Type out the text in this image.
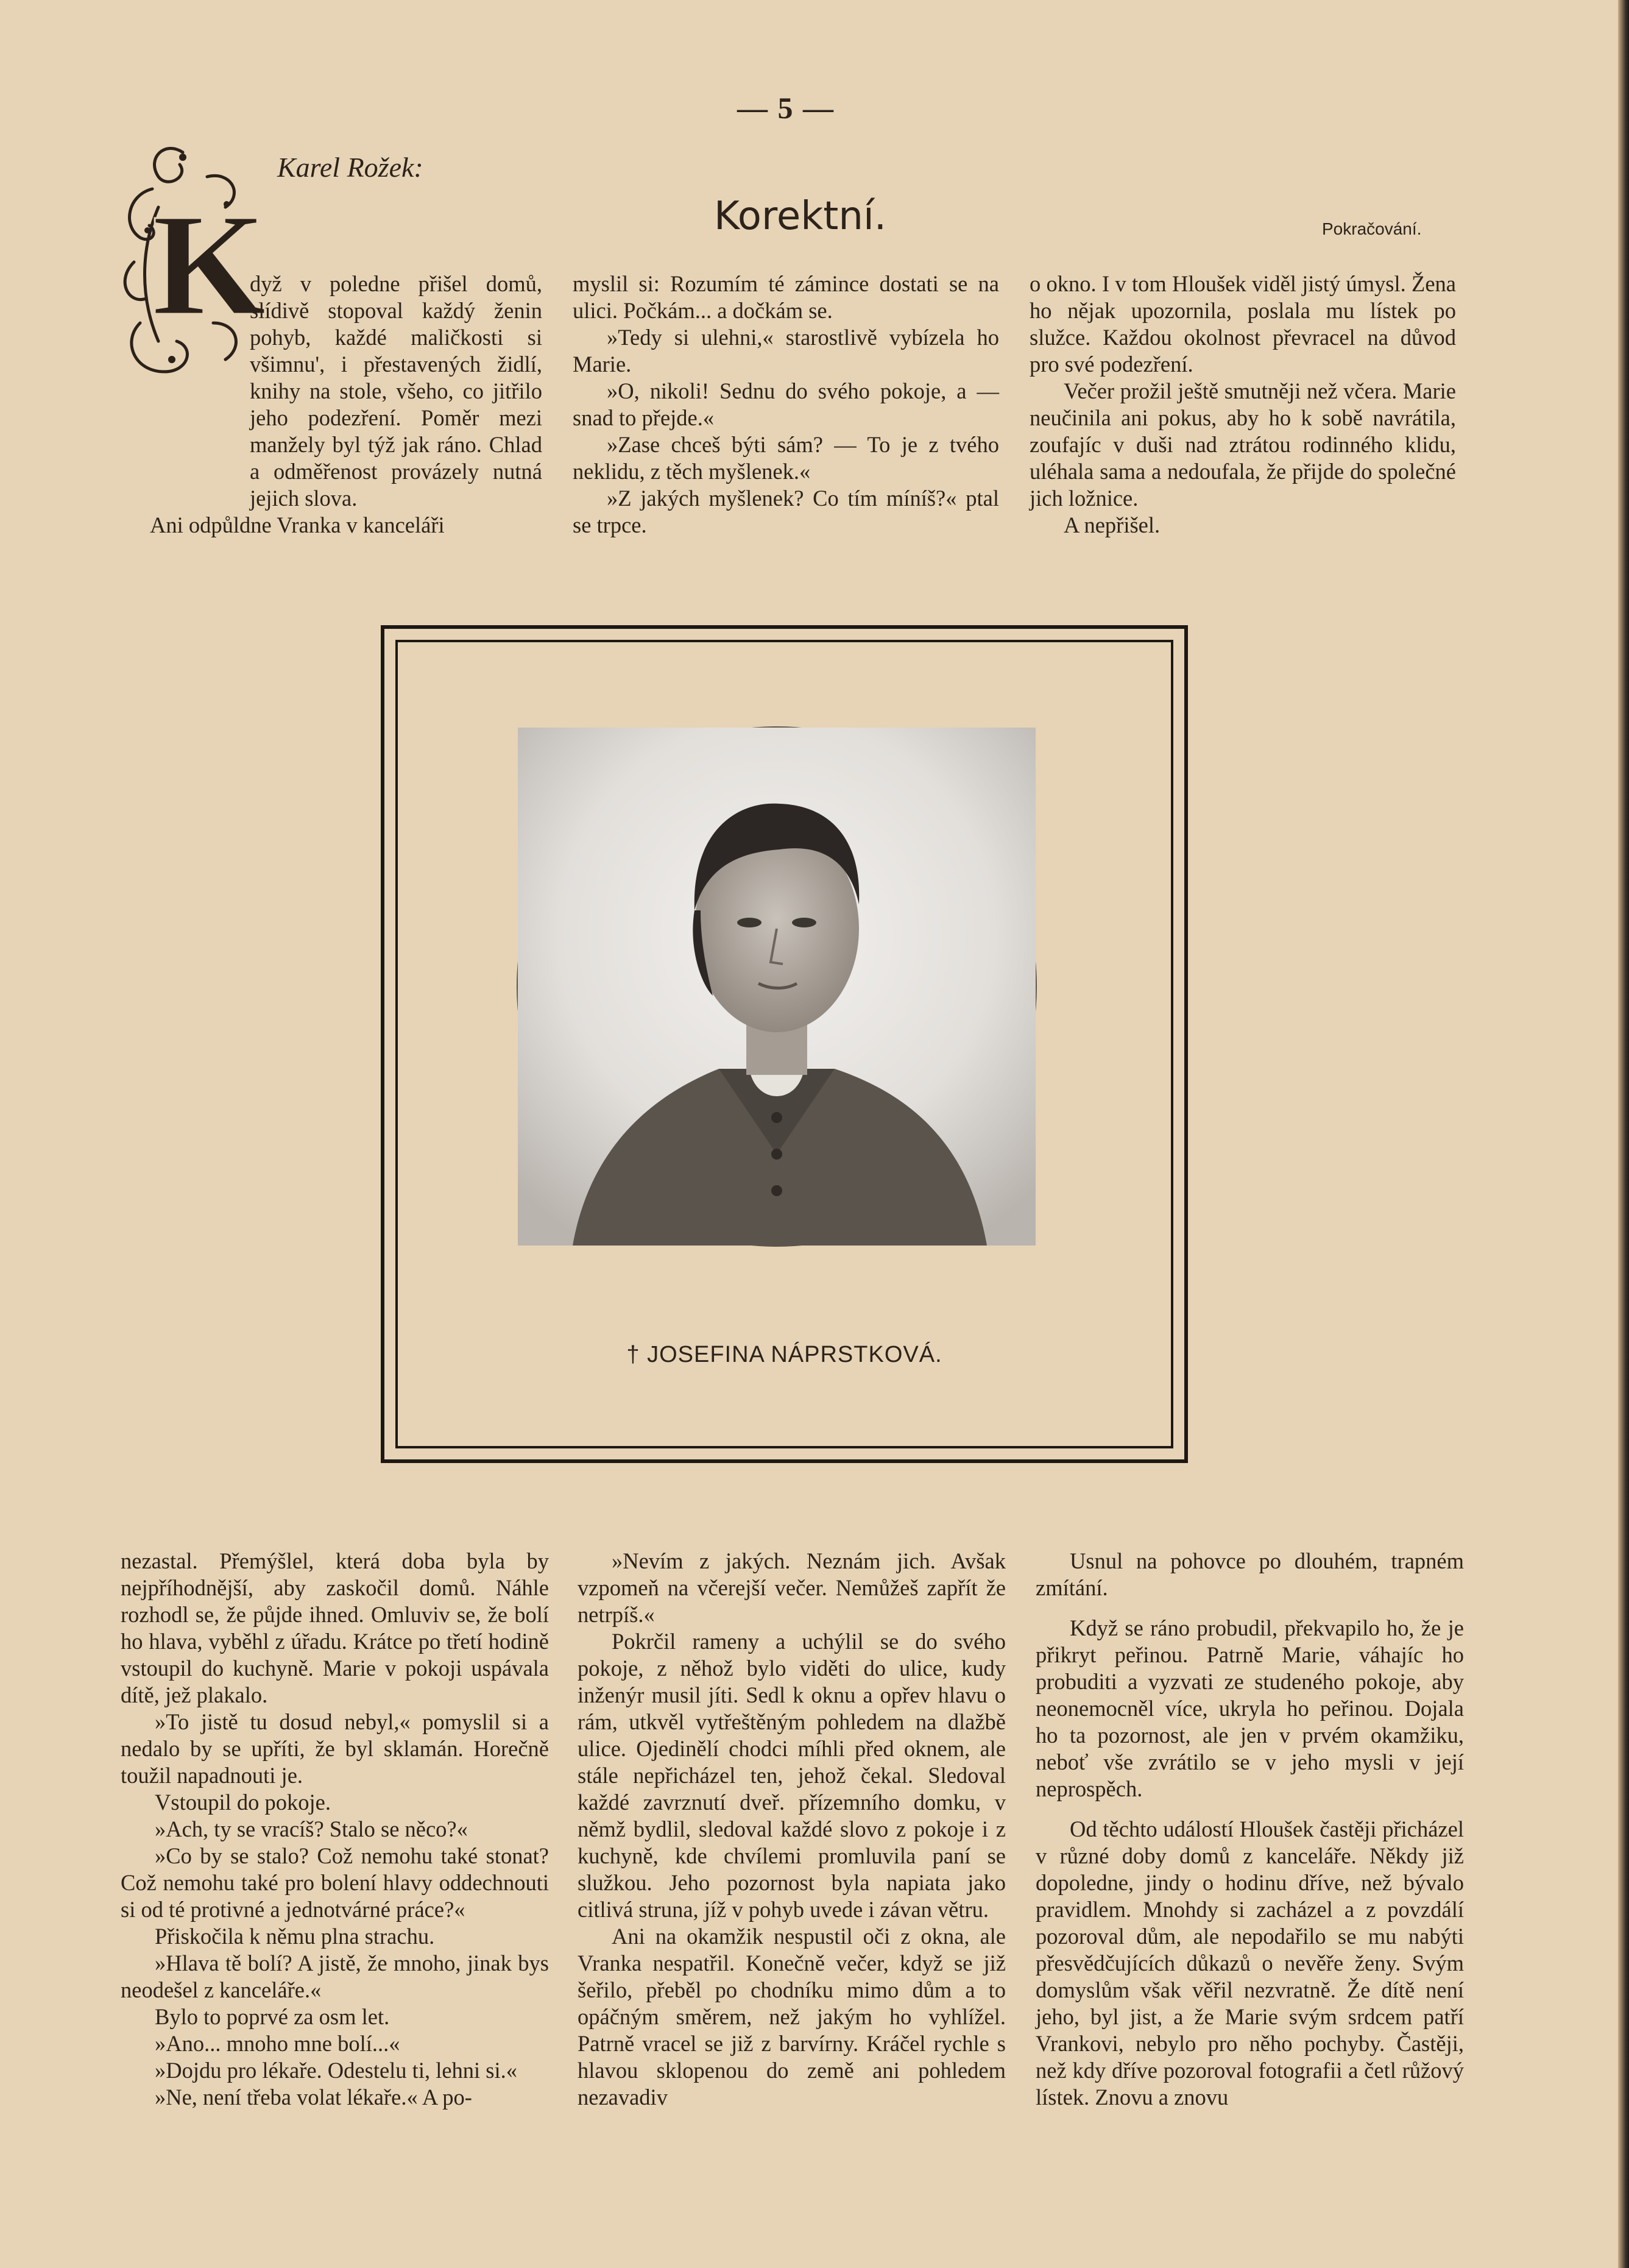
— 5 —
Karel Rožek:
Korektní.	Pokračování.
K

dyž v poledne přišel domů, slídivě stopoval každý ženin pohyb, každé maličkosti si všimnu', i přestavených židlí, knihy na stole, všeho, co jitřilo jeho podezření. Poměr mezi manžely byl týž jak ráno. Chlad a odměřenost provázely nutná jejich slova.

Ani odpůldne Vranka v kanceláři

myslil si: Rozumím té zámince dostati se na ulici. Počkám... a dočkám se.

»Tedy si ulehni,« starostlivě vybízela ho Marie.

»O, nikoli! Sednu do svého pokoje, a — snad to přejde.«

»Zase chceš býti sám? — To je z tvého neklidu, z těch myšlenek.«

»Z jakých myšlenek? Co tím míníš?« ptal se trpce.

o okno. I v tom Hloušek viděl jistý úmysl. Žena ho nějak upozornila, poslala mu lístek po služce. Každou okolnost převracel na důvod pro své podezření.

Večer prožil ještě smutněji než včera. Marie neučinila ani pokus, aby ho k sobě navrátila, zoufajíc v duši nad ztrátou rodinného klidu, uléhala sama a nedoufala, že přijde do společné jich ložnice.

A nepřišel.

† JOSEFINA NÁPRSTKOVÁ.

nezastal. Přemýšlel, která doba byla by nejpříhodnější, aby zaskočil domů. Náhle rozhodl se, že půjde ihned. Omluviv se, že bolí ho hlava, vyběhl z úřadu. Krátce po třetí hodině vstoupil do kuchyně. Marie v pokoji uspávala dítě, jež plakalo.

»To jistě tu dosud nebyl,« pomyslil si a nedalo by se upříti, že byl sklamán. Horečně toužil napadnouti je.

Vstoupil do pokoje.

»Ach, ty se vracíš? Stalo se něco?«

»Co by se stalo? Což nemohu také stonat? Což nemohu také pro bolení hlavy oddechnouti si od té protivné a jednotvárné práce?«

Přiskočila k němu plna strachu.

»Hlava tě bolí? A jistě, že mnoho, jinak bys neodešel z kanceláře.«

Bylo to poprvé za osm let.

»Ano... mnoho mne bolí...«

»Dojdu pro lékaře. Odestelu ti, lehni si.«

»Ne, není třeba volat lékaře.« A po-

»Nevím z jakých. Neznám jich. Avšak vzpomeň na včerejší večer. Nemůžeš zapřít že netrpíš.«

Pokrčil rameny a uchýlil se do svého pokoje, z něhož bylo viděti do ulice, kudy inženýr musil jíti. Sedl k oknu a opřev hlavu o rám, utkvěl vytřeštěným pohledem na dlažbě ulice. Ojedinělí chodci míhli před oknem, ale stále nepřicházel ten, jehož čekal. Sledoval každé zavrznutí dveř. přízemního domku, v němž bydlil, sledoval každé slovo z pokoje i z kuchyně, kde chvílemi promluvila paní se služkou. Jeho pozornost byla napiata jako citlivá struna, jíž v pohyb uvede i závan větru.

Ani na okamžik nespustil oči z okna, ale Vranka nespatřil. Konečně večer, když se již šeřilo, přeběl po chodníku mimo dům a to opáčným směrem, než jakým ho vyhlížel. Patrně vracel se již z barvírny. Kráčel rychle s hlavou sklopenou do země ani pohledem nezavadiv

Usnul na pohovce po dlouhém, trapném zmítání.

Když se ráno probudil, překvapilo ho, že je přikryt peřinou. Patrně Marie, váhajíc ho probuditi a vyzvati ze studeného pokoje, aby neonemocněl více, ukryla ho peřinou. Dojala ho ta pozornost, ale jen v prvém okamžiku, neboť vše zvrátilo se v jeho mysli v její neprospěch.

Od těchto událostí Hloušek častěji přicházel v různé doby domů z kanceláře. Někdy již dopoledne, jindy o hodinu dříve, než bývalo pravidlem. Mnohdy si zacházel a z povzdálí pozoroval dům, ale nepodařilo se mu nabýti přesvědčujících důkazů o nevěře ženy. Svým domyslům však věřil nezvratně. Že dítě není jeho, byl jist, a že Marie svým srdcem patří Vrankovi, nebylo pro něho pochyby. Častěji, než kdy dříve pozoroval fotografii a četl růžový lístek. Znovu a znovu
